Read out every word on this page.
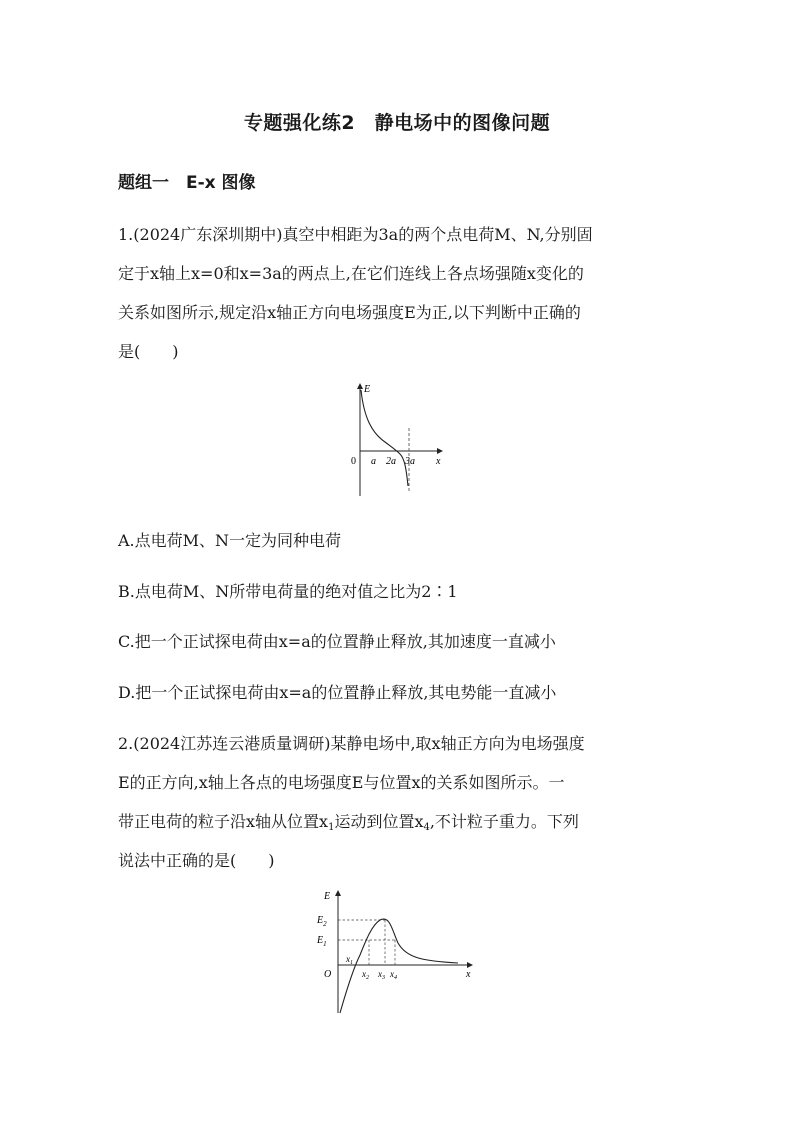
专题强化练2　静电场中的图像问题
题组一　E-x 图像
1.(2024广东深圳期中)真空中相距为3a的两个点电荷M、N,分别固
定于x轴上x=0和x=3a的两点上,在它们连线上各点场强随x变化的
关系如图所示,规定沿x轴正方向电场强度E为正,以下判断中正确的
是(　　)
E
x
0 a 2a 3a
A.点电荷M、N一定为同种电荷
B.点电荷M、N所带电荷量的绝对值之比为2∶1
C.把一个正试探电荷由x=a的位置静止释放,其加速度一直减小
D.把一个正试探电荷由x=a的位置静止释放,其电势能一直减小
2.(2024江苏连云港质量调研)某静电场中,取x轴正方向为电场强度
E的正方向,x轴上各点的电场强度E与位置x的关系如图所示。一
带正电荷的粒子沿x轴从位置$x_1$运动到位置$x_4$,不计粒子重力。下列
说法中正确的是(　　)
E
x
O
$E_2$
$E_1$
$x_1$
$x_2$ $x_3$ $x_4$
